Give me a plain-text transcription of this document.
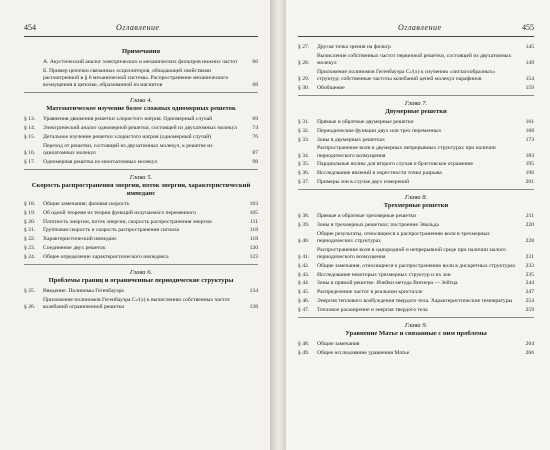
454	Оглавление
Примечания
А. Акустический аналог электрических и механических фильтров нижних частот	66
Б. Пример цепочки связанных осцилляторов, обладающей свойствами рассмотренной в § 6 механической системы. Распространение механического возмущения в цепочке, образованной из магнитов	68
Глава 4.
Математическое изучение более сложных одномерных решеток
§ 13.	Уравнения движения решетки хлористого натрия. Одномерный случай	69
§ 14.	Электрический аналог одномерной решетки, состоящей из двухатомных молекул	74
§ 15.	Детальное изучение решетки хлористого натрия (одномерный случай)	76
§ 16.
Переход от решетки, состоящей из двухатомных молекул, к решетке из одноатомных молекул	87
§ 17.	Одномерная решетка из многоатомных молекул	98
Глава 5.
Скорость распространения энергии, поток энергии, характеристический импеданс
§ 18.	Общие замечания; фазовая скорость	103
§ 19.	Об одной теореме из теории функций излучаемого переменного	105
§ 20.	Плотность энергии, поток энергии, скорость распространения энергии	111
§ 21.	Групповая скорость и скорость распространения сигнала	118
§ 22.	Характеристический импеданс	118
§ 23.	Соединение двух решеток	120
§ 24.	Общее определение характеристического импеданса	123
Глава 6.
Проблемы границ и ограниченные периодические структуры
§ 25.	Введение. Полиномы Гегенбауэра	134
§ 26.
Приложение полиномов Гегенбауэра Cₙˡ(x) к вычислению собственных частот колебаний ограниченной решетки	138
Оглавление	455
§ 27.	Другая точка зрения на фильтр	145
§ 28.
Вычисление собственных частот первичной решетки, состоящей из двухатомных молекул	149
§ 29.
Приложение полиномов Гегенбауэра Cₙˡ(x) к изучению «зигзагообразных» структур; собственные частоты колебаний цепей молекул парафинов	154
§ 30.	Обобщение	159
Глава 7.
Двумерные решетки
§ 31.	Прямые и обратные двумерные решетки	161
§ 32.	Периодические функции двух или трех переменных	168
§ 33.	Зоны в двумерных решетках	173
§ 34.
Распространение волн в двумерных непрерывных структурах при наличии периодического возмущения	183
§ 35.	Парциальные волны для второго случая и брэгговское отражение	195
§ 36.	Исследование явлений в окрестности точки разрыва	196
§ 37.	Примеры зон в случае двух измерений	201
Глава 8.
Трехмерные решетки
§ 38.	Прямые и обратные трехмерные решетки	211
§ 39.	Зоны в трехмерных решетках; построение Эвальда	220
§ 40.
Общие результаты, относящиеся к распространению волн в трехмерных периодических структурах	228
§ 41.
Распространение волн в однородной и непрерывной среде при наличии малого периодического возмущения	231
§ 42.	Общие замечания, относящиеся к распространению волн в дискретных структурах	233
§ 43.	Исследование некоторых трехмерных структур и их зон	235
§ 44.	Зоны в прямой решетке. Ячейки метода Вигнера — Зейтца	244
§ 45.	Распределение частот в реальном кристалле	247
§ 46.	Энергия теплового возбуждения твердого тела. Характеристические температуры	254
§ 47.	Тепловое расширение и энергия твердого тела	259
Глава 9.
Уравнение Матье и связанные с ним проблемы
§ 48.	Общие замечания	264
§ 49.	Общее исследование уравнения Матье	266
